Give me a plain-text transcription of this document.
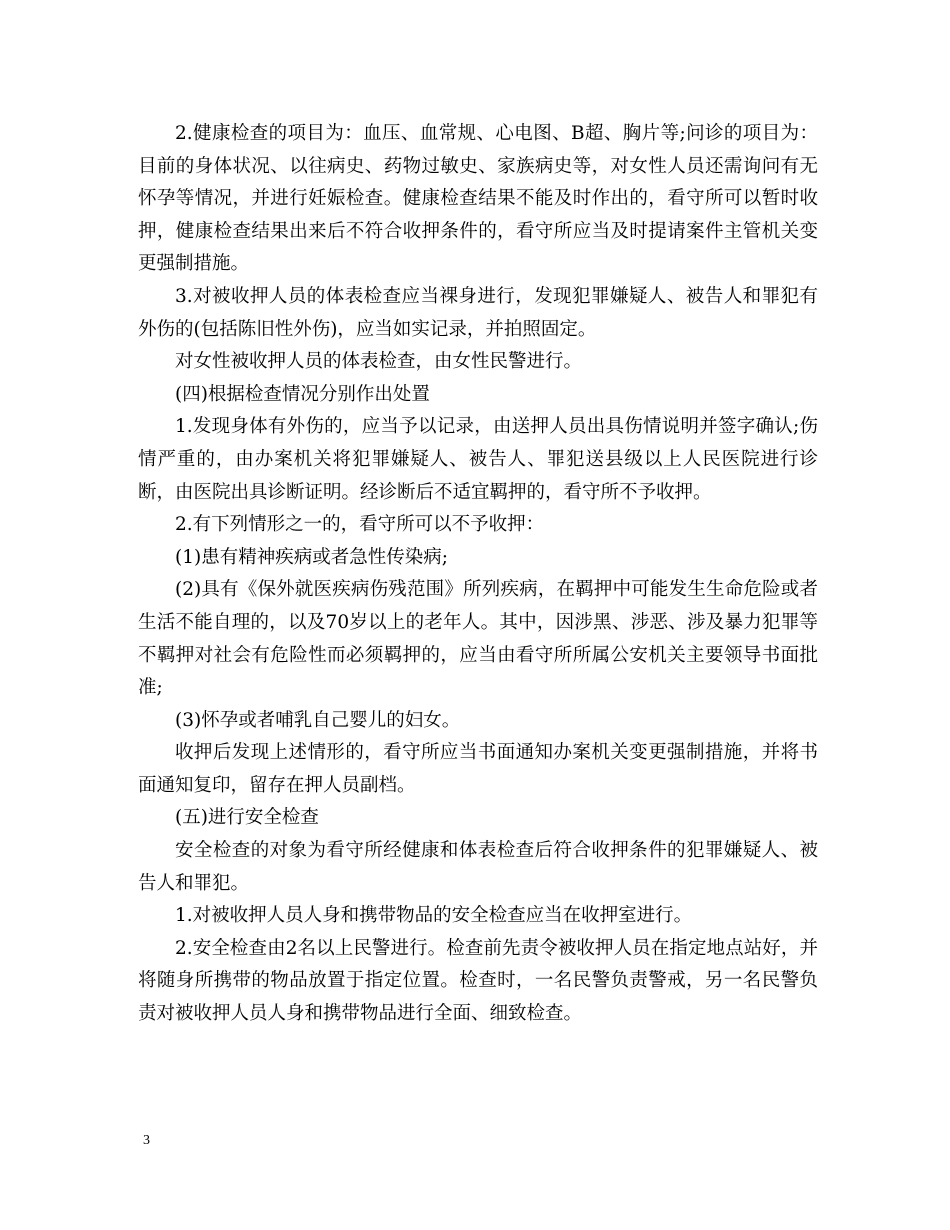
2.健康检查的项目为：血压、血常规、心电图、B超、胸片等;问诊的项目为：目前的身体状况、以往病史、药物过敏史、家族病史等，对女性人员还需询问有无怀孕等情况，并进行妊娠检查。健康检查结果不能及时作出的，看守所可以暂时收押，健康检查结果出来后不符合收押条件的，看守所应当及时提请案件主管机关变更强制措施。

3.对被收押人员的体表检查应当裸身进行，发现犯罪嫌疑人、被告人和罪犯有外伤的(包括陈旧性外伤)，应当如实记录，并拍照固定。

对女性被收押人员的体表检查，由女性民警进行。

(四)根据检查情况分别作出处置

1.发现身体有外伤的，应当予以记录，由送押人员出具伤情说明并签字确认;伤情严重的，由办案机关将犯罪嫌疑人、被告人、罪犯送县级以上人民医院进行诊断，由医院出具诊断证明。经诊断后不适宜羁押的，看守所不予收押。

2.有下列情形之一的，看守所可以不予收押：

(1)患有精神疾病或者急性传染病;

(2)具有《保外就医疾病伤残范围》所列疾病，在羁押中可能发生生命危险或者生活不能自理的，以及70岁以上的老年人。其中，因涉黑、涉恶、涉及暴力犯罪等不羁押对社会有危险性而必须羁押的，应当由看守所所属公安机关主要领导书面批准;

(3)怀孕或者哺乳自己婴儿的妇女。

收押后发现上述情形的，看守所应当书面通知办案机关变更强制措施，并将书面通知复印，留存在押人员副档。

(五)进行安全检查

安全检查的对象为看守所经健康和体表检查后符合收押条件的犯罪嫌疑人、被告人和罪犯。

1.对被收押人员人身和携带物品的安全检查应当在收押室进行。

2.安全检查由2名以上民警进行。检查前先责令被收押人员在指定地点站好，并将随身所携带的物品放置于指定位置。检查时，一名民警负责警戒，另一名民警负责对被收押人员人身和携带物品进行全面、细致检查。

3
